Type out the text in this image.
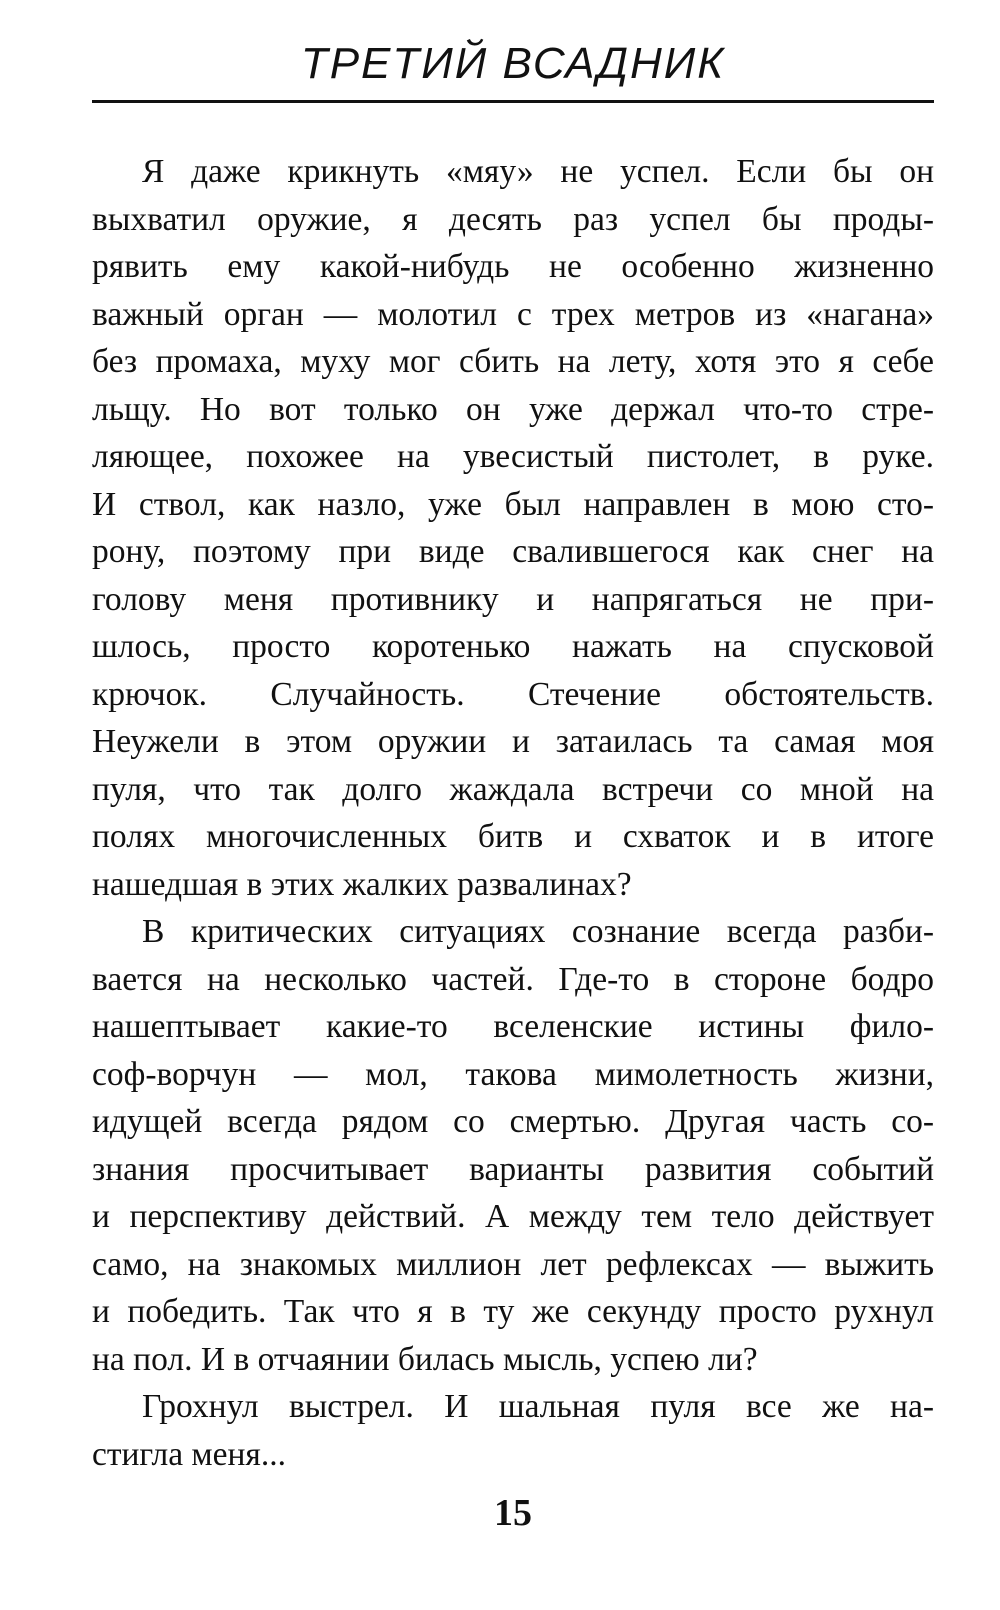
ТРЕТИЙ ВСАДНИК
Я даже крикнуть «мяу» не успел. Если бы он
выхватил оружие, я десять раз успел бы проды-
рявить ему какой-нибудь не особенно жизненно
важный орган — молотил с трех метров из «нагана»
без промаха, муху мог сбить на лету, хотя это я себе
льщу. Но вот только он уже держал что-то стре-
ляющее, похожее на увесистый пистолет, в руке.
И ствол, как назло, уже был направлен в мою сто-
рону, поэтому при виде свалившегося как снег на
голову меня противнику и напрягаться не при-
шлось, просто коротенько нажать на спусковой
крючок. Случайность. Стечение обстоятельств.
Неужели в этом оружии и затаилась та самая моя
пуля, что так долго жаждала встречи со мной на
полях многочисленных битв и схваток и в итоге
нашедшая в этих жалких развалинах?
В критических ситуациях сознание всегда разби-
вается на несколько частей. Где-то в стороне бодро
нашептывает какие-то вселенские истины фило-
соф-ворчун — мол, такова мимолетность жизни,
идущей всегда рядом со смертью. Другая часть со-
знания просчитывает варианты развития событий
и перспективу действий. А между тем тело действует
само, на знакомых миллион лет рефлексах — выжить
и победить. Так что я в ту же секунду просто рухнул
на пол. И в отчаянии билась мысль, успею ли?
Грохнул выстрел. И шальная пуля все же на-
стигла меня...
15
